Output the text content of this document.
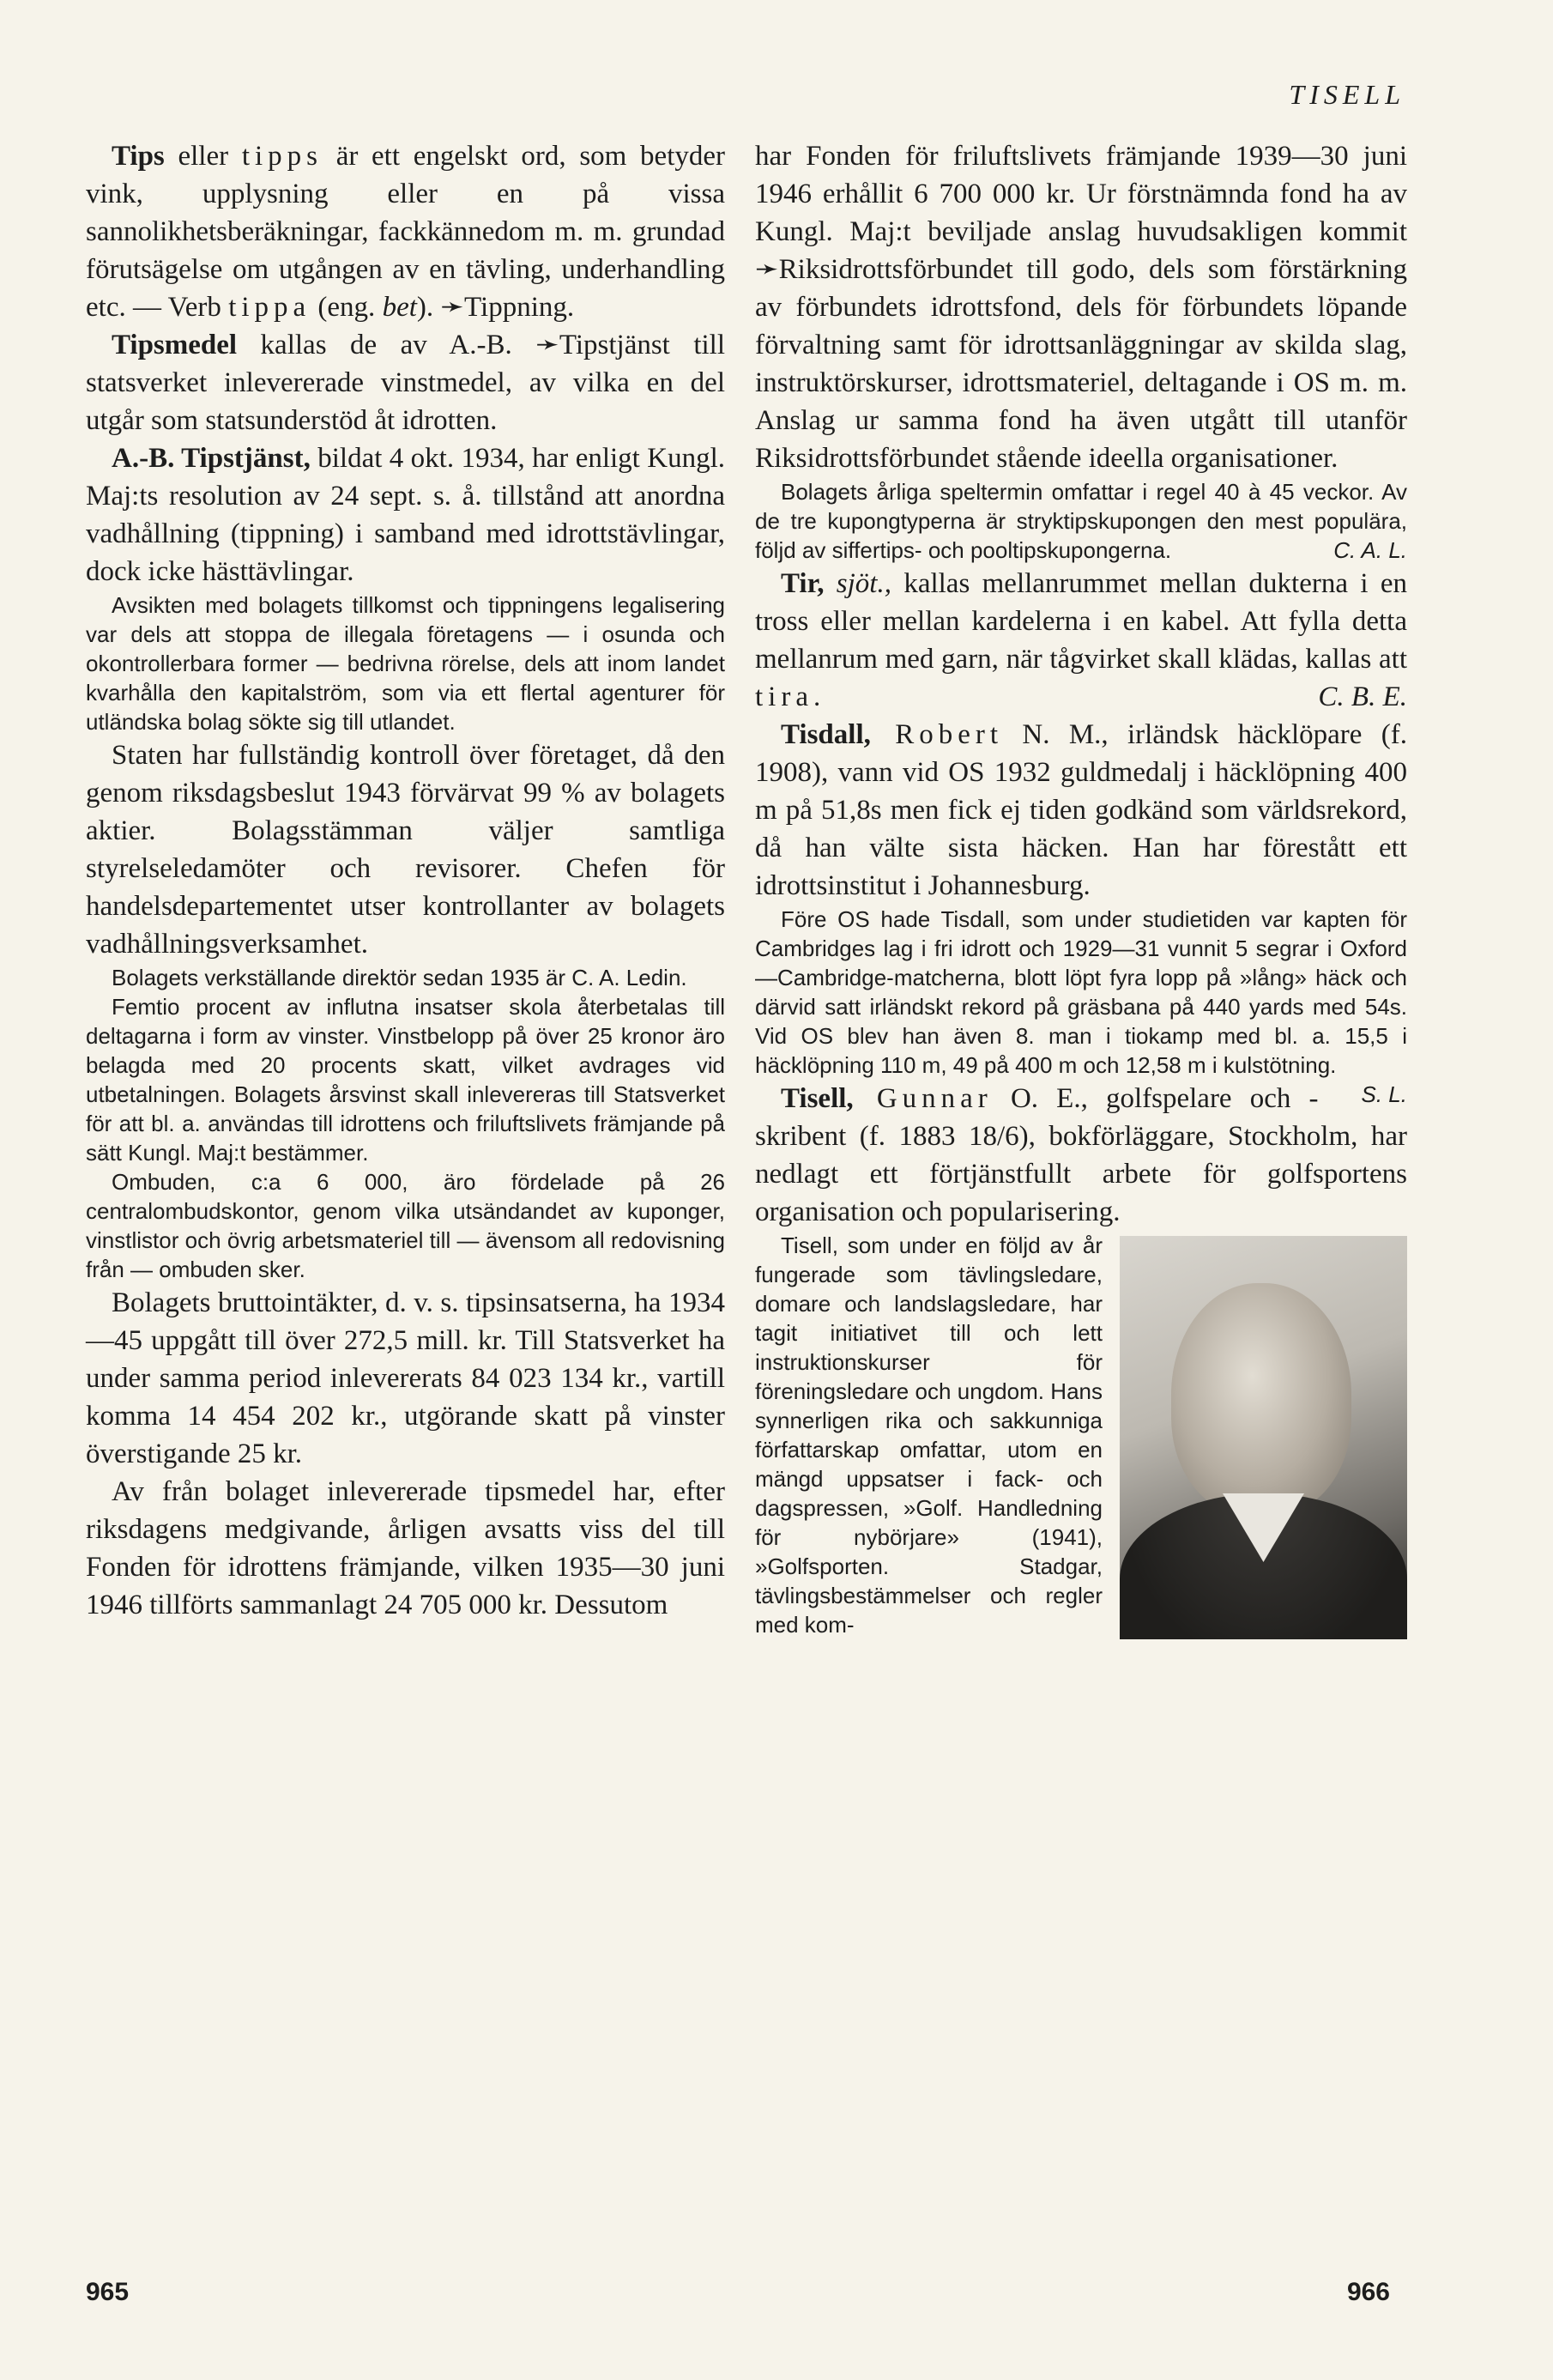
TISELL

Tips eller tipps är ett engelskt ord, som betyder vink, upplysning eller en på vissa sannolikhetsberäkningar, fackkännedom m. m. grundad förutsägelse om utgången av en tävling, underhandling etc. — Verb tippa (eng. bet). ➛Tippning.

Tipsmedel kallas de av A.-B. ➛Tipstjänst till statsverket inlevererade vinstmedel, av vilka en del utgår som statsunderstöd åt idrotten.

A.-B. Tipstjänst, bildat 4 okt. 1934, har enligt Kungl. Maj:ts resolution av 24 sept. s. å. tillstånd att anordna vadhållning (tippning) i samband med idrottstävlingar, dock icke hästtävlingar.

Avsikten med bolagets tillkomst och tippningens legalisering var dels att stoppa de illegala företagens — i osunda och okontrollerbara former — bedrivna rörelse, dels att inom landet kvarhålla den kapitalström, som via ett flertal agenturer för utländska bolag sökte sig till utlandet.

Staten har fullständig kontroll över företaget, då den genom riksdagsbeslut 1943 förvärvat 99 % av bolagets aktier. Bolagsstämman väljer samtliga styrelseledamöter och revisorer. Chefen för handelsdepartementet utser kontrollanter av bolagets vadhållningsverksamhet.

Bolagets verkställande direktör sedan 1935 är C. A. Ledin.

Femtio procent av influtna insatser skola återbetalas till deltagarna i form av vinster. Vinstbelopp på över 25 kronor äro belagda med 20 procents skatt, vilket avdrages vid utbetalningen. Bolagets årsvinst skall inlevereras till Statsverket för att bl. a. användas till idrottens och friluftslivets främjande på sätt Kungl. Maj:t bestämmer.

Ombuden, c:a 6 000, äro fördelade på 26 centralombudskontor, genom vilka utsändandet av kuponger, vinstlistor och övrig arbetsmateriel till — ävensom all redovisning från — ombuden sker.

Bolagets bruttointäkter, d. v. s. tipsinsatserna, ha 1934—45 uppgått till över 272,5 mill. kr. Till Statsverket ha under samma period inlevererats 84 023 134 kr., vartill komma 14 454 202 kr., utgörande skatt på vinster överstigande 25 kr.

Av från bolaget inlevererade tipsmedel har, efter riksdagens medgivande, årligen avsatts viss del till Fonden för idrottens främjande, vilken 1935—30 juni 1946 tillförts sammanlagt 24 705 000 kr. Dessutom

har Fonden för friluftslivets främjande 1939—30 juni 1946 erhållit 6 700 000 kr. Ur förstnämnda fond ha av Kungl. Maj:t beviljade anslag huvudsakligen kommit ➛Riksidrottsförbundet till godo, dels som förstärkning av förbundets idrottsfond, dels för förbundets löpande förvaltning samt för idrottsanläggningar av skilda slag, instruktörskurser, idrottsmateriel, deltagande i OS m. m. Anslag ur samma fond ha även utgått till utanför Riksidrottsförbundet stående ideella organisationer.

Bolagets årliga speltermin omfattar i regel 40 à 45 veckor. Av de tre kupongtyperna är stryktipskupongen den mest populära, följd av siffertips- och pooltipskupongerna.	C. A. L.

Tir, sjöt., kallas mellanrummet mellan dukterna i en tross eller mellan kardelerna i en kabel. Att fylla detta mellanrum med garn, när tågvirket skall klädas, kallas att tira.	C. B. E.

Tisdall, Robert N. M., irländsk häcklöpare (f. 1908), vann vid OS 1932 guldmedalj i häcklöpning 400 m på 51,8s men fick ej tiden godkänd som världsrekord, då han välte sista häcken. Han har förestått ett idrottsinstitut i Johannesburg.

Före OS hade Tisdall, som under studietiden var kapten för Cambridges lag i fri idrott och 1929—31 vunnit 5 segrar i Oxford—Cambridge-matcherna, blott löpt fyra lopp på »lång» häck och därvid satt irländskt rekord på gräsbana på 440 yards med 54s. Vid OS blev han även 8. man i tiokamp med bl. a. 15,5 i häcklöpning 110 m, 49 på 400 m och 12,58 m i kulstötning.
S. L.

Tisell, Gunnar O. E., golfspelare och -skribent (f. 1883 18/6), bokförläggare, Stockholm, har nedlagt ett förtjänstfullt arbete för golfsportens organisation och popularisering.

Tisell, som under en följd av år fungerade som tävlingsledare, domare och landslagsledare, har tagit initiativet till och lett instruktionskurser för föreningsledare och ungdom. Hans synnerligen rika och sakkunniga författarskap omfattar, utom en mängd uppsatser i fack- och dagspressen, »Golf. Handledning för nybörjare» (1941), »Golfsporten. Stadgar, tävlingsbestämmelser och regler med kom-

965	966
